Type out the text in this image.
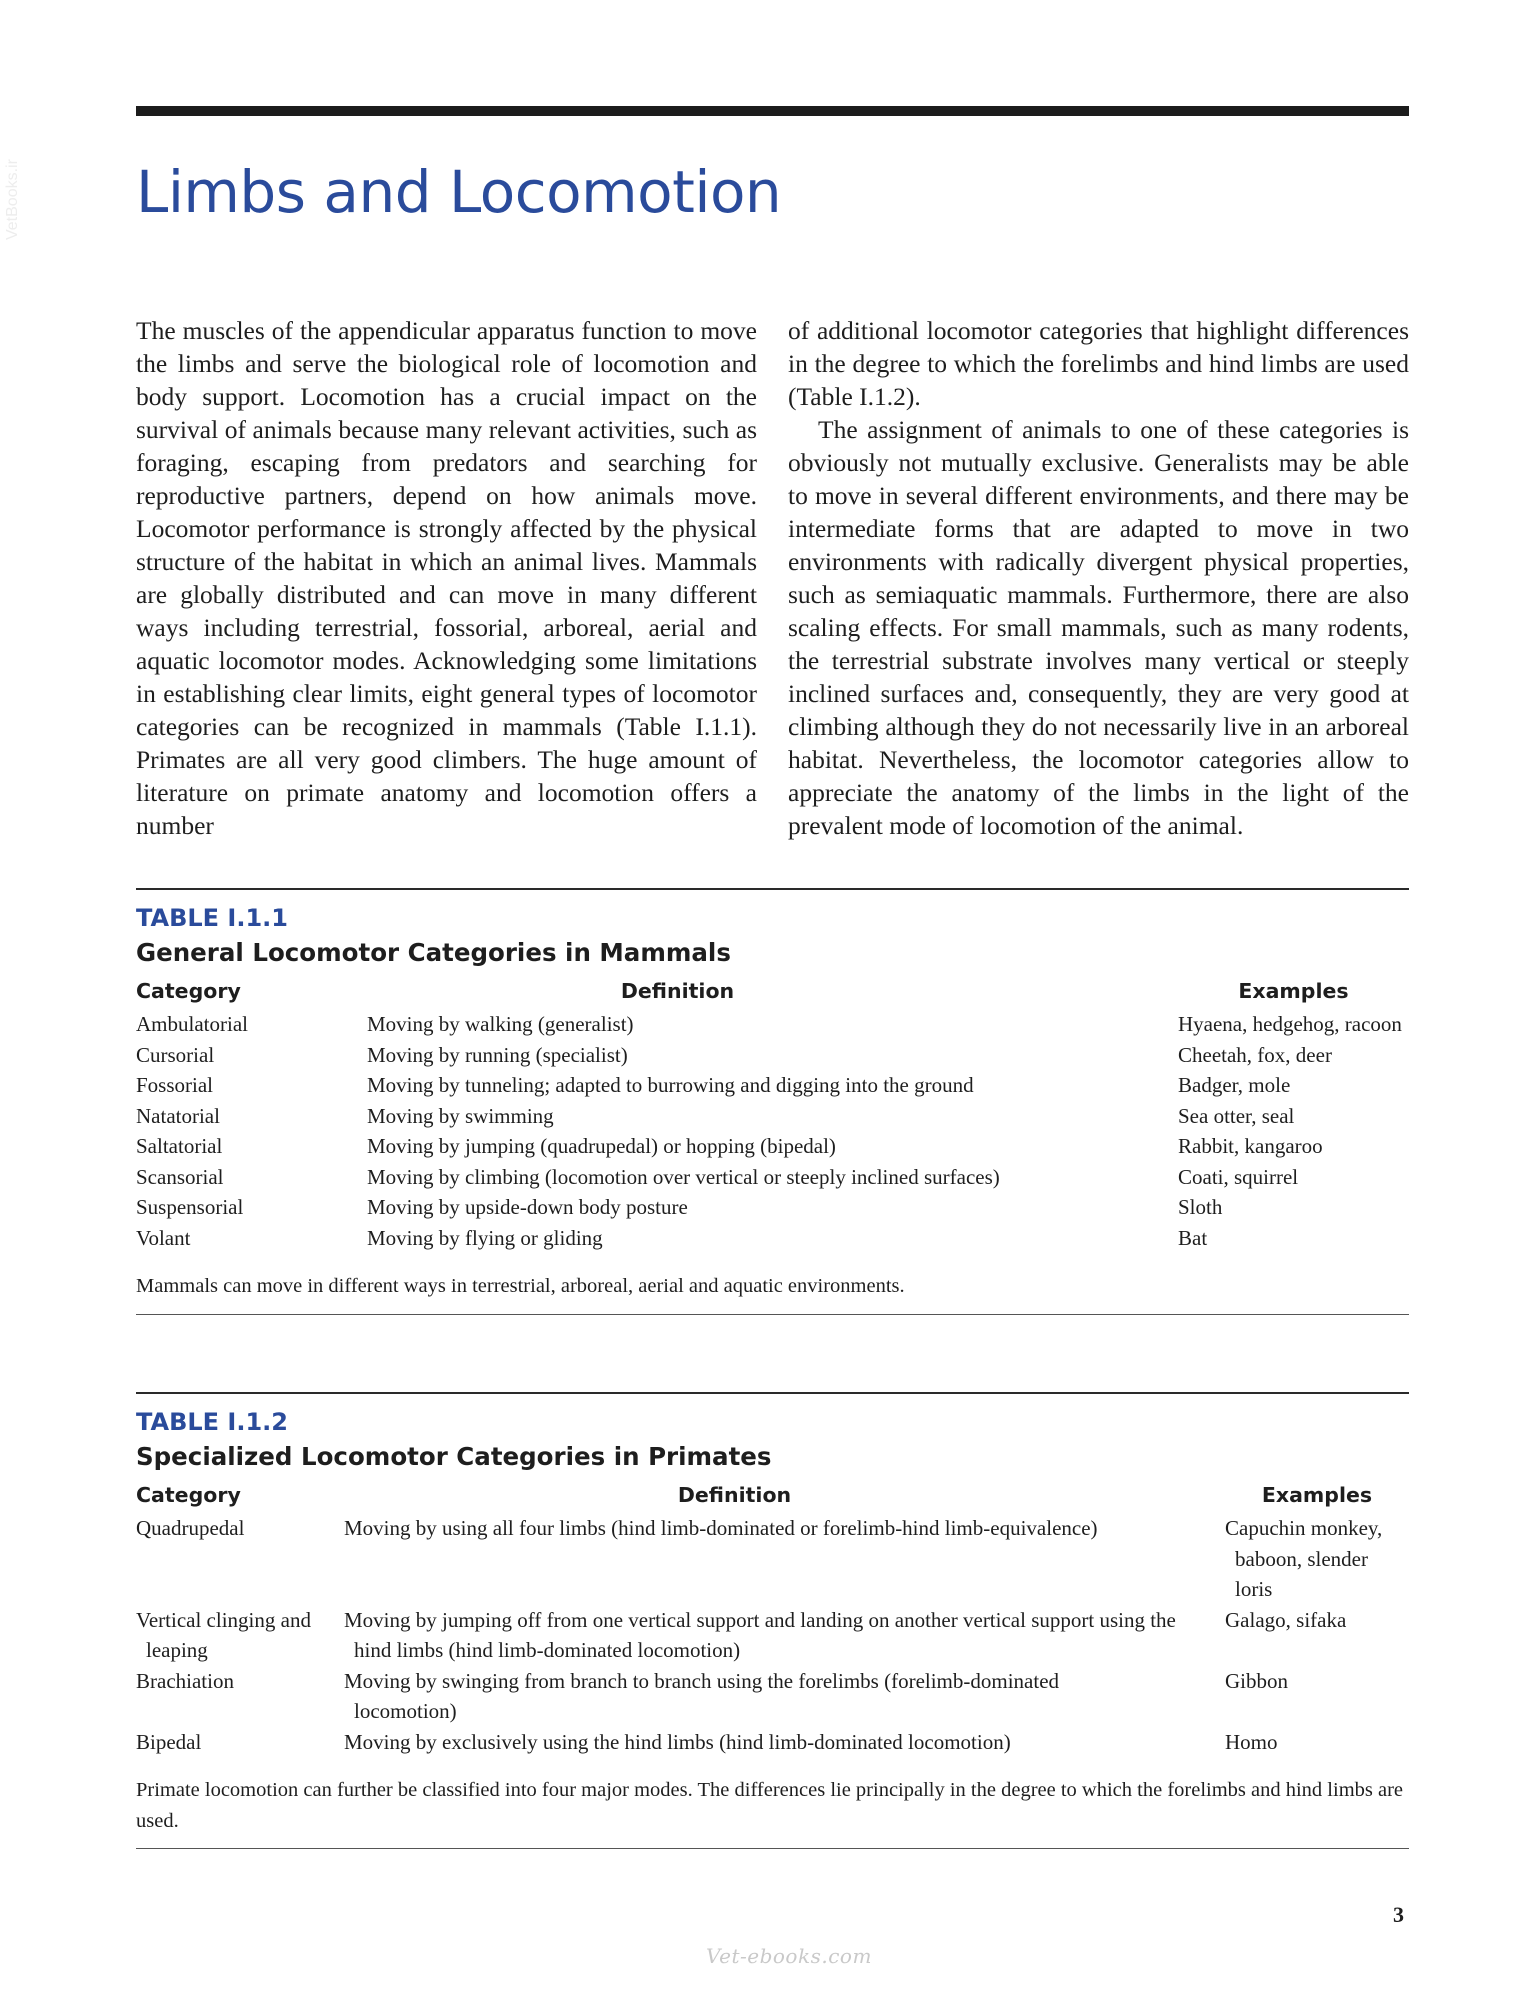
VetBooks.ir Limbs and Locomotion

The muscles of the appendicular apparatus function to move the limbs and serve the biological role of locomotion and body support. Locomotion has a crucial impact on the survival of animals because many relevant activities, such as foraging, escaping from predators and searching for reproductive partners, depend on how animals move. Locomotor performance is strongly affected by the physical structure of the habitat in which an animal lives. Mammals are globally distributed and can move in many different ways including terrestrial, fossorial, arboreal, aerial and aquatic locomotor modes. Acknowledging some limitations in establishing clear limits, eight general types of locomotor categories can be recognized in mammals (Table I.1.1). Primates are all very good climbers. The huge amount of literature on primate anatomy and locomotion offers a number

of additional locomotor categories that highlight differences in the degree to which the forelimbs and hind limbs are used (Table I.1.2).

The assignment of animals to one of these categories is obviously not mutually exclusive. Generalists may be able to move in several different environments, and there may be intermediate forms that are adapted to move in two environments with radically divergent physical properties, such as semiaquatic mammals. Furthermore, there are also scaling effects. For small mammals, such as many rodents, the terrestrial substrate involves many vertical or steeply inclined surfaces and, consequently, they are very good at climbing although they do not necessarily live in an arboreal habitat. Nevertheless, the locomotor categories allow to appreciate the anatomy of the limbs in the light of the prevalent mode of locomotion of the animal.

TABLE I.1.1

General Locomotor Categories in Mammals

Category	Definition	Examples
Ambulatorial	Moving by walking (generalist)	Hyaena, hedgehog, racoon
Cursorial	Moving by running (specialist)	Cheetah, fox, deer
Fossorial	Moving by tunneling; adapted to burrowing and digging into the ground	Badger, mole
Natatorial	Moving by swimming	Sea otter, seal
Saltatorial	Moving by jumping (quadrupedal) or hopping (bipedal)	Rabbit, kangaroo
Scansorial	Moving by climbing (locomotion over vertical or steeply inclined surfaces)	Coati, squirrel
Suspensorial	Moving by upside-down body posture	Sloth
Volant	Moving by flying or gliding	Bat

Mammals can move in different ways in terrestrial, arboreal, aerial and aquatic environments.

TABLE I.1.2

Specialized Locomotor Categories in Primates

Category	Definition	Examples
Quadrupedal	Moving by using all four limbs (hind limb-dominated or forelimb-hind limb-equivalence)	Capuchin monkey, baboon, slender loris

Vertical clinging and leaping	Moving by jumping off from one vertical support and landing on another vertical support using the hind limbs (hind limb-dominated locomotion)	Galago, sifaka
Brachiation	Moving by swinging from branch to branch using the forelimbs (forelimb-dominated locomotion)	Gibbon
Bipedal	Moving by exclusively using the hind limbs (hind limb-dominated locomotion)	Homo

Primate locomotion can further be classified into four major modes. The differences lie principally in the degree to which the forelimbs and hind limbs are used.

3
Vet-ebooks.com
